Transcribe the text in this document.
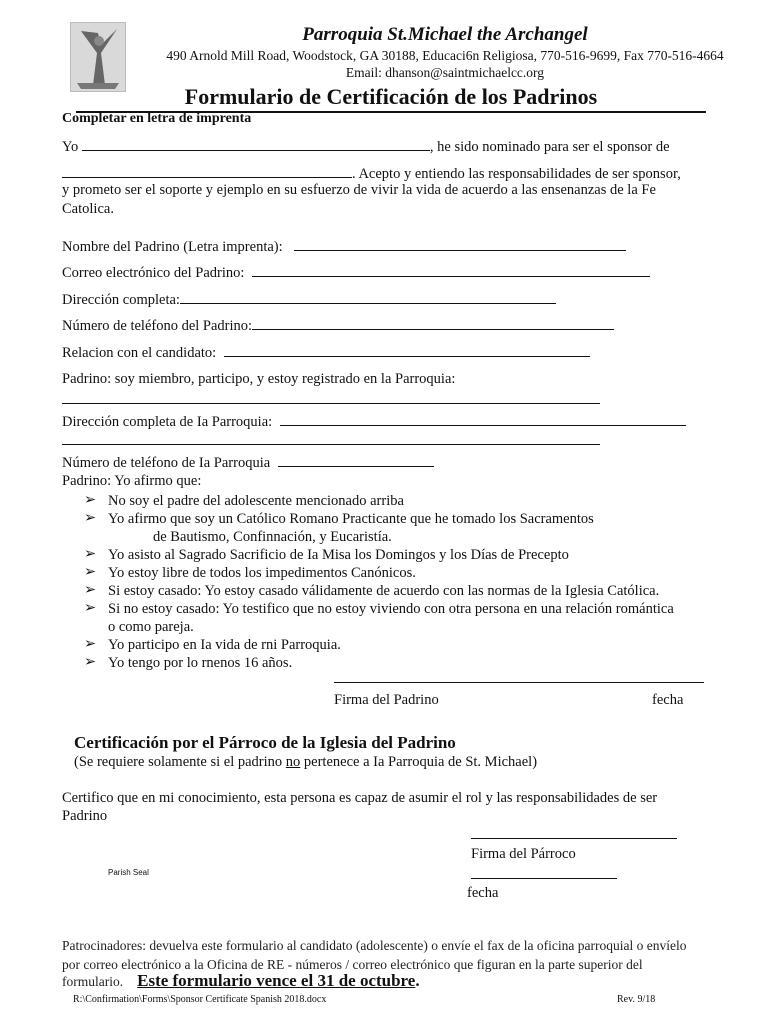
Parroquia St.Michael the Archangel
490 Arnold Mill Road, Woodstock, GA 30188, Educaci6n Religiosa, 770-516-9699, Fax 770-516-4664
Email: dhanson@saintmichaelcc.org
Formulario de Certificación de los Padrinos
Completar en letra de imprenta
Yo	, he sido nominado para ser el sponsor de
. Acepto y entiendo las responsabilidades de ser sponsor,
y prometo ser el soporte y ejemplo en su esfuerzo de vivir la vida de acuerdo a las ensenanzas de la Fe
Catolica.
Nombre del Padrino (Letra imprenta):
Correo electrónico del Padrino:
Dirección completa:
Número de teléfono del Padrino:
Relacion con el candidato:
Padrino: soy miembro, participo, y estoy registrado en la Parroquia:
Dirección completa de Ia Parroquia:
Número de teléfono de Ia Parroquia
Padrino: Yo afirmo que:
➢ No soy el padre del adolescente mencionado arriba
➢ Yo afirmo que soy un Católico Romano Practicante que he tomado los Sacramentos
de Bautismo, Confinnación, y Eucaristía.
➢ Yo asisto al Sagrado Sacrificio de Ia Misa los Domingos y los Días de Precepto
➢ Yo estoy libre de todos los impedimentos Canónicos.
➢ Si estoy casado: Yo estoy casado válidamente de acuerdo con las normas de la Iglesia Católica.
➢ Si no estoy casado: Yo testifico que no estoy viviendo con otra persona en una relación romántica
o como pareja.
➢ Yo participo en Ia vida de rni Parroquia.
➢ Yo tengo por lo rnenos 16 años.
Firma del Padrino	fecha
Certificación por el Párroco de la Iglesia del Padrino
(Se requiere solamente si el padrino no pertenece a Ia Parroquia de St. Michael)
Certifico que en mi conocimiento, esta persona es capaz de asumir el rol y las responsabilidades de ser
Padrino
Firma del Párroco
Parish Seal
fecha
Patrocinadores: devuelva este formulario al candidato (adolescente) o envíe el fax de la oficina parroquial o envíelo
por correo electrónico a la Oficina de RE - números / correo electrónico que figuran en la parte superior del
formulario. Este formulario vence el 31 de octubre.
R:\Confirmation\Forms\Sponsor Certificate Spanish 2018.docx	Rev. 9/18
